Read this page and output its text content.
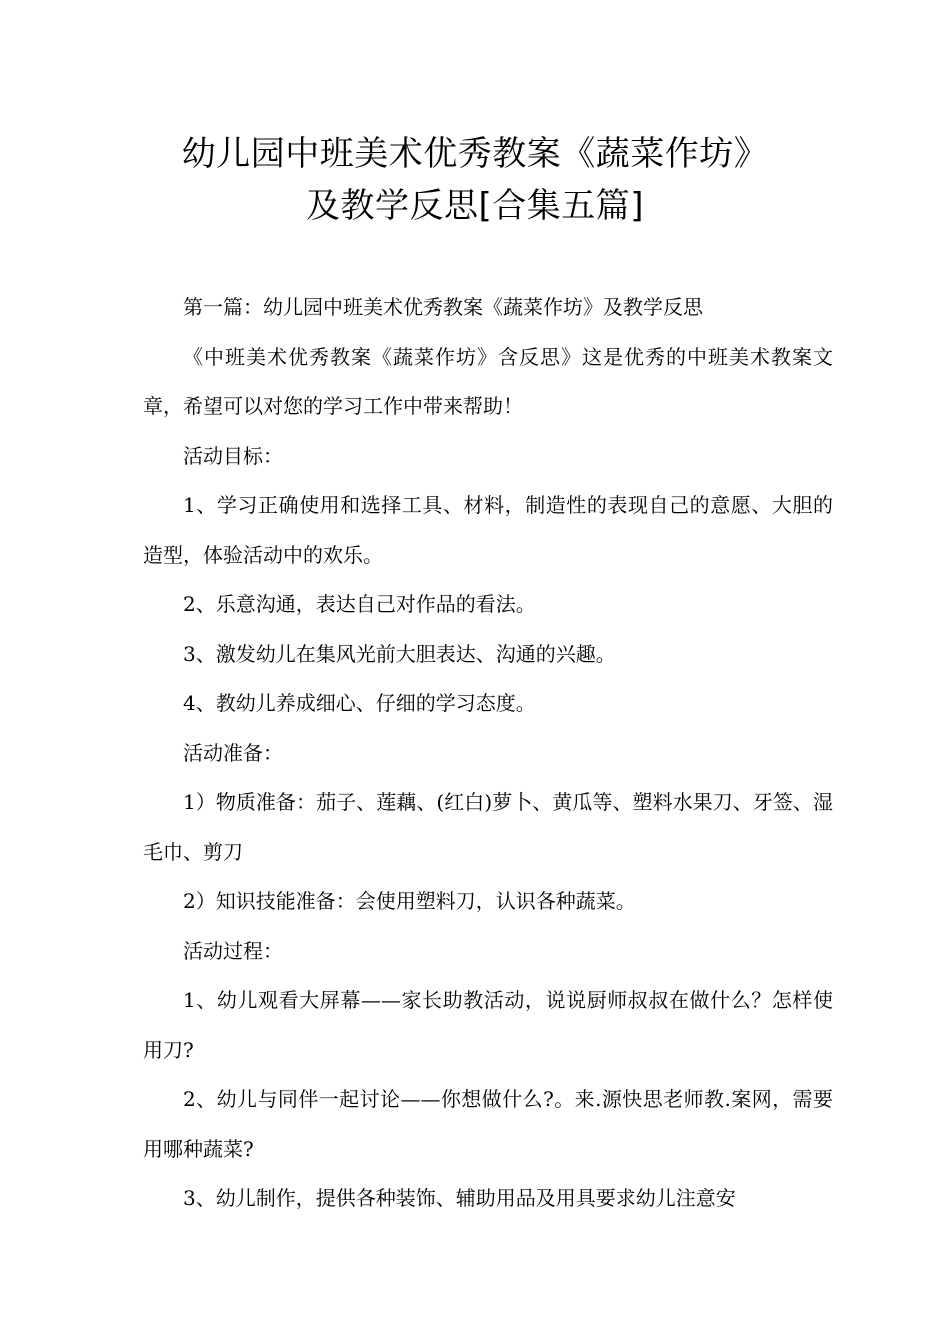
幼儿园中班美术优秀教案《蔬菜作坊》
及教学反思[合集五篇]

第一篇：幼儿园中班美术优秀教案《蔬菜作坊》及教学反思

《中班美术优秀教案《蔬菜作坊》含反思》这是优秀的中班美术教案文章，希望可以对您的学习工作中带来帮助！

活动目标：

1、学习正确使用和选择工具、材料，制造性的表现自己的意愿、大胆的造型，体验活动中的欢乐。

2、乐意沟通，表达自己对作品的看法。

3、激发幼儿在集风光前大胆表达、沟通的兴趣。

4、教幼儿养成细心、仔细的学习态度。

活动准备：

1）物质准备：茄子、莲藕、(红白)萝卜、黄瓜等、塑料水果刀、牙签、湿毛巾、剪刀

2）知识技能准备：会使用塑料刀，认识各种蔬菜。

活动过程：

1、幼儿观看大屏幕——家长助教活动，说说厨师叔叔在做什么？怎样使用刀?

2、幼儿与同伴一起讨论——你想做什么?。来.源快思老师教.案网，需要用哪种蔬菜?

3、幼儿制作，提供各种装饰、辅助用品及用具要求幼儿注意安
